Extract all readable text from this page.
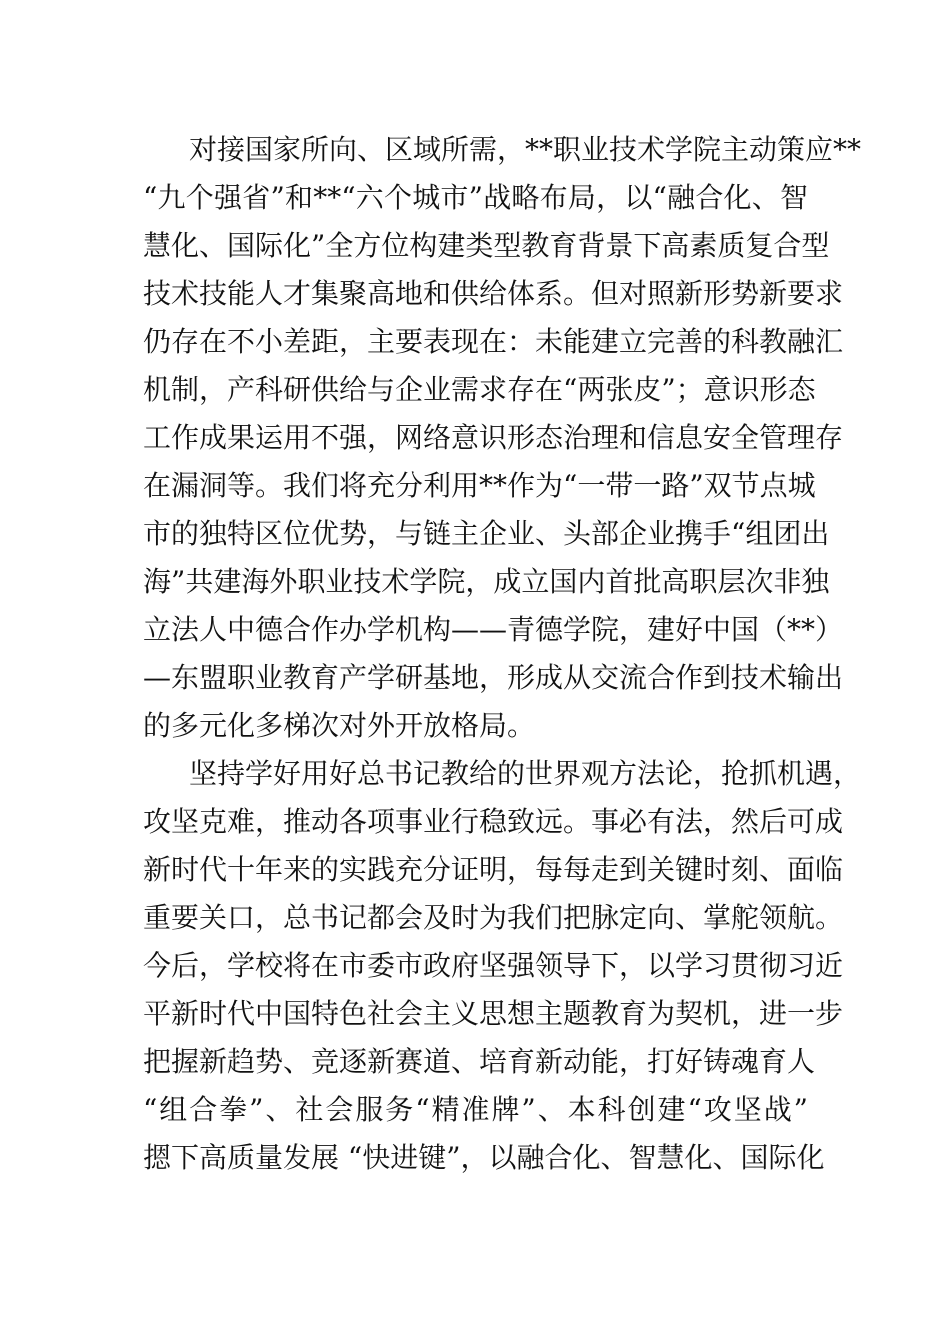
对接国家所向、区域所需，**职业技术学院主动策应**
“九个强省”和**“六个城市”战略布局，以“融合化、智
慧化、国际化”全方位构建类型教育背景下高素质复合型
技术技能人才集聚高地和供给体系。但对照新形势新要求
仍存在不小差距，主要表现在：未能建立完善的科教融汇
机制，产科研供给与企业需求存在“两张皮”；意识形态
工作成果运用不强，网络意识形态治理和信息安全管理存
在漏洞等。我们将充分利用**作为“一带一路”双节点城
市的独特区位优势，与链主企业、头部企业携手“组团出
海”共建海外职业技术学院，成立国内首批高职层次非独
立法人中德合作办学机构——青德学院，建好中国（**）
—东盟职业教育产学研基地，形成从交流合作到技术输出
的多元化多梯次对外开放格局。
坚持学好用好总书记教给的世界观方法论，抢抓机遇，
攻坚克难，推动各项事业行稳致远。事必有法，然后可成
新时代十年来的实践充分证明，每每走到关键时刻、面临
重要关口，总书记都会及时为我们把脉定向、掌舵领航。
今后，学校将在市委市政府坚强领导下，以学习贯彻习近
平新时代中国特色社会主义思想主题教育为契机，进一步
把握新趋势、竞逐新赛道、培育新动能，打好铸魂育人
“组合拳”、社会服务“精准牌”、本科创建“攻坚战”
摁下高质量发展 “快进键”，以融合化、智慧化、国际化
